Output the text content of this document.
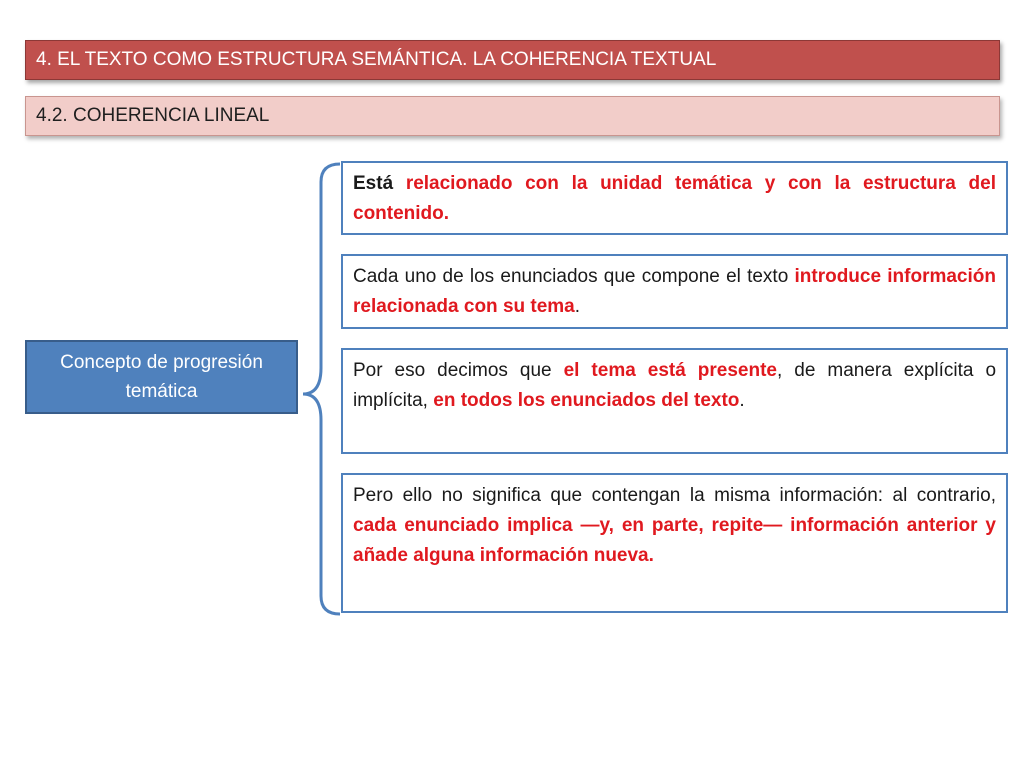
4. EL TEXTO COMO ESTRUCTURA SEMÁNTICA. LA COHERENCIA TEXTUAL
4.2. COHERENCIA LINEAL
Concepto de progresión temática
Está relacionado con la unidad temática y con la estructura del contenido.
Cada uno de los enunciados que compone el texto introduce información relacionada con su tema.
Por eso decimos que el tema está presente, de manera explícita o implícita, en todos los enunciados del texto.
Pero ello no significa que contengan la misma información: al contrario, cada enunciado implica —y, en parte, repite— información anterior y añade alguna información nueva.
